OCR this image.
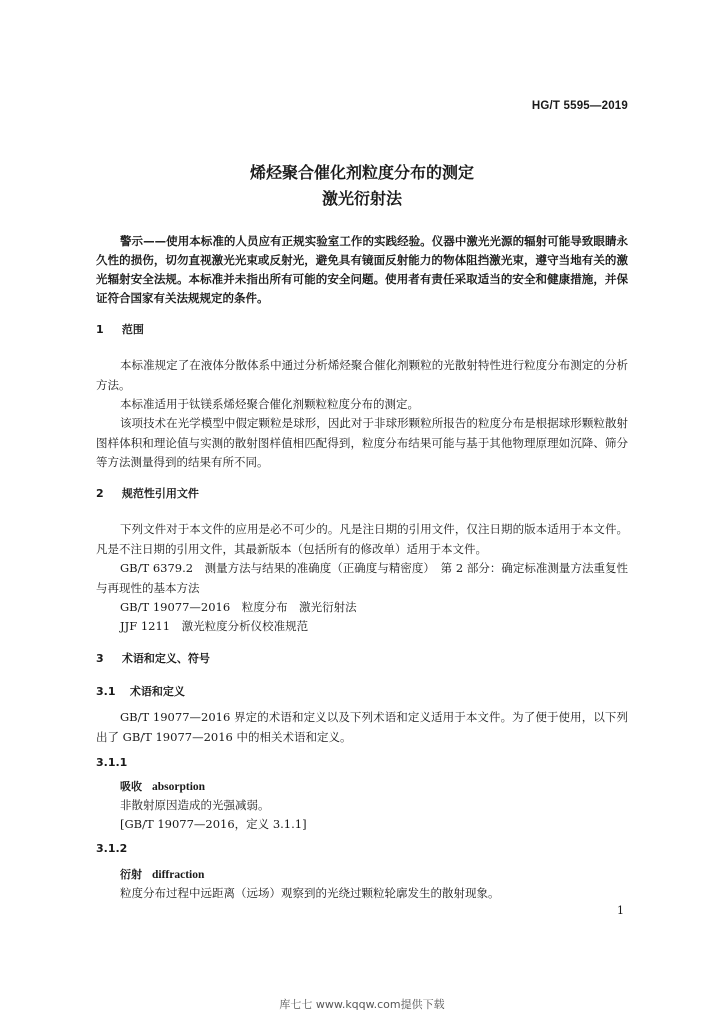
HG/T 5595—2019
烯烃聚合催化剂粒度分布的测定
激光衍射法
警示——使用本标准的人员应有正规实验室工作的实践经验。仪器中激光光源的辐射可能导致眼睛永久性的损伤，切勿直视激光光束或反射光，避免具有镜面反射能力的物体阻挡激光束，遵守当地有关的激光辐射安全法规。本标准并未指出所有可能的安全问题。使用者有责任采取适当的安全和健康措施，并保证符合国家有关法规规定的条件。
1 范围
本标准规定了在液体分散体系中通过分析烯烃聚合催化剂颗粒的光散射特性进行粒度分布测定的分析方法。
本标准适用于钛镁系烯烃聚合催化剂颗粒粒度分布的测定。
该项技术在光学模型中假定颗粒是球形，因此对于非球形颗粒所报告的粒度分布是根据球形颗粒散射图样体积和理论值与实测的散射图样值相匹配得到，粒度分布结果可能与基于其他物理原理如沉降、筛分等方法测量得到的结果有所不同。
2 规范性引用文件
下列文件对于本文件的应用是必不可少的。凡是注日期的引用文件，仅注日期的版本适用于本文件。凡是不注日期的引用文件，其最新版本（包括所有的修改单）适用于本文件。
GB/T 6379.2　测量方法与结果的准确度（正确度与精密度）　第 2 部分：确定标准测量方法重复性与再现性的基本方法
GB/T 19077—2016　粒度分布　激光衍射法
JJF 1211　激光粒度分析仪校准规范
3 术语和定义、符号
3.1 术语和定义
GB/T 19077—2016 界定的术语和定义以及下列术语和定义适用于本文件。为了便于使用，以下列出了 GB/T 19077—2016 中的相关术语和定义。
3.1.1
吸收 absorption
非散射原因造成的光强减弱。
[GB/T 19077—2016，定义 3.1.1]
3.1.2
衍射 diffraction
粒度分布过程中远距离（远场）观察到的光绕过颗粒轮廓发生的散射现象。
1
库七七 www.kqqw.com提供下载
